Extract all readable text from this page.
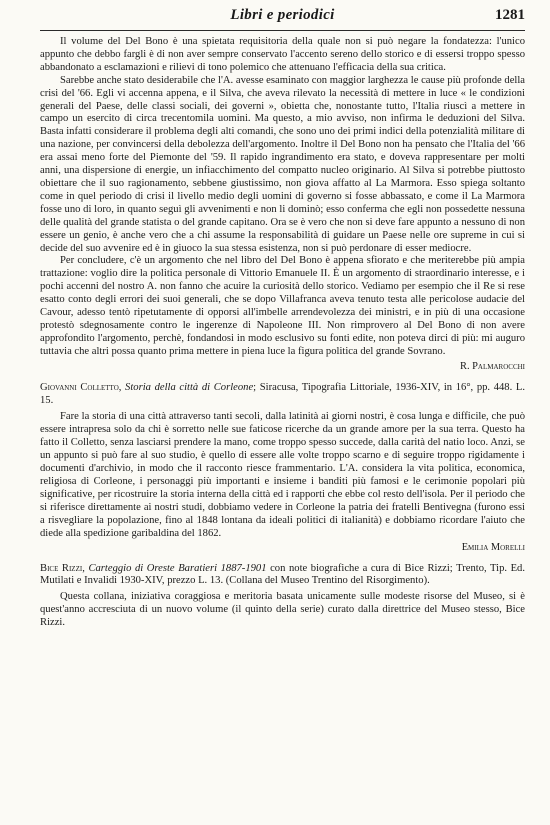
Libri e periodici	1281

Il volume del Del Bono è una spietata requisitoria della quale non si può negare la fondatezza: l'unico appunto che debbo fargli è di non aver sempre conservato l'accento sereno dello storico e di essersi troppo spesso abbandonato a esclamazioni e rilievi di tono polemico che attenuano l'efficacia della sua critica.

Sarebbe anche stato desiderabile che l'A. avesse esaminato con maggior larghezza le cause più profonde della crisi del '66. Egli vi accenna appena, e il Silva, che aveva rilevato la necessità di mettere in luce « le condizioni generali del Paese, delle classi sociali, dei governi », obietta che, nonostante tutto, l'Italia riuscì a mettere in campo un esercito di circa trecentomila uomini. Ma questo, a mio avviso, non infirma le deduzioni del Silva. Basta infatti considerare il problema degli alti comandi, che sono uno dei primi indici della potenzialità militare di una nazione, per convincersi della debolezza dell'argomento. Inoltre il Del Bono non ha pensato che l'Italia del '66 era assai meno forte del Piemonte del '59. Il rapido ingrandimento era stato, e doveva rappresentare per molti anni, una dispersione di energie, un infiacchimento del compatto nucleo originario. Al Silva si potrebbe piuttosto obiettare che il suo ragionamento, sebbene giustissimo, non giova affatto al La Marmora. Esso spiega soltanto come in quel periodo di crisi il livello medio degli uomini di governo si fosse abbassato, e come il La Marmora fosse uno di loro, in quanto seguì gli avvenimenti e non li dominò; esso conferma che egli non possedette nessuna delle qualità del grande statista o del grande capitano. Ora se è vero che non si deve fare appunto a nessuno di non essere un genio, è anche vero che a chi assume la responsabilità di guidare un Paese nelle ore supreme in cui si decide del suo avvenire ed è in giuoco la sua stessa esistenza, non si può perdonare di esser mediocre.

Per concludere, c'è un argomento che nel libro del Del Bono è appena sfiorato e che meriterebbe più ampia trattazione: voglio dire la politica personale di Vittorio Emanuele II. È un argomento di straordinario interesse, e i pochi accenni del nostro A. non fanno che acuire la curiosità dello storico. Vediamo per esempio che il Re si rese esatto conto degli errori dei suoi generali, che se dopo Villafranca aveva tenuto testa alle pericolose audacie del Cavour, adesso tentò ripetutamente di opporsi all'imbelle arrendevolezza dei ministri, e in più di una occasione protestò sdegnosamente contro le ingerenze di Napoleone III. Non rimprovero al Del Bono di non avere approfondito l'argomento, perchè, fondandosi in modo esclusivo su fonti edite, non poteva dirci di più: mi auguro tuttavia che altri possa quanto prima mettere in piena luce la figura politica del grande Sovrano.

R. Palmarocchi

Giovanni Colletto, Storia della città di Corleone; Siracusa, Tipografia Littoriale, 1936-XIV, in 16°, pp. 448. L. 15.

Fare la storia di una città attraverso tanti secoli, dalla latinità ai giorni nostri, è cosa lunga e difficile, che può essere intrapresa solo da chi è sorretto nelle sue faticose ricerche da un grande amore per la sua terra. Questo ha fatto il Colletto, senza lasciarsi prendere la mano, come troppo spesso succede, dalla carità del natio loco. Anzi, se un appunto si può fare al suo studio, è quello di essere alle volte troppo scarno e di seguire troppo rigidamente i documenti d'archivio, in modo che il racconto riesce frammentario. L'A. considera la vita politica, economica, religiosa di Corleone, i personaggi più importanti e insieme i banditi più famosi e le cerimonie popolari più significative, per ricostruire la storia interna della città ed i rapporti che ebbe col resto dell'isola. Per il periodo che si riferisce direttamente ai nostri studi, dobbiamo vedere in Corleone la patria dei fratelli Bentivegna (furono essi a risvegliare la popolazione, fino al 1848 lontana da ideali politici di italianità) e dobbiamo ricordare l'aiuto che diede alla spedizione garibaldina del 1862.

Emilia Morelli

Bice Rizzi, Carteggio di Oreste Baratieri 1887-1901 con note biografiche a cura di Bice Rizzi; Trento, Tip. Ed. Mutilati e Invalidi 1930-XIV, prezzo L. 13. (Collana del Museo Trentino del Risorgimento).

Questa collana, iniziativa coraggiosa e meritoria basata unicamente sulle modeste risorse del Museo, si è quest'anno accresciuta di un nuovo volume (il quinto della serie) curato dalla direttrice del Museo stesso, Bice Rizzi.
